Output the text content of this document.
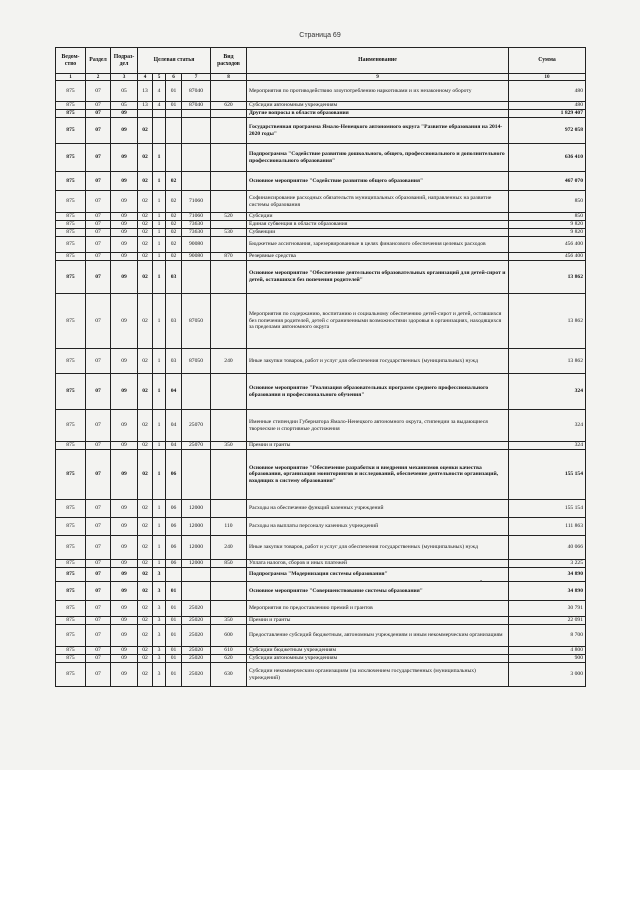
Страница 69
Ведом-ство	Раздел	Подраз-дел	Целевая статья				Вид расходов	Наименование	Сумма
1	2	3	4	5	6	7	8	9	10
875	07	05	13	4	01	87040		Мероприятия по противодействию злоупотреблению наркотиками и их незаконному обороту	480
875	07	05	13	4	01	87040	620	Субсидии автономным учреждениям	480
875	07	09						Другие вопросы в области образования	1 829 407
875	07	09	02					Государственная программа Ямало-Ненецкого автономного округа "Развитие образования на 2014-2020 годы"	972 058
875	07	09	02	1				Подпрограмма "Содействие развитию дошкольного, общего, профессионального и дополнительного профессионального образования"	636 410
875	07	09	02	1	02			Основное мероприятие "Содействие развитию общего образования"	467 070
875	07	09	02	1	02	71060		Софинансирование расходных обязательств муниципальных образований, направленных на развитие системы образования	850
875	07	09	02	1	02	71060	520	Субсидии	850
875	07	09	02	1	02	73630		Единая субвенция в области образования	9 820
875	07	09	02	1	02	73630	530	Субвенции	9 820
875	07	09	02	1	02	90080		Бюджетные ассигнования, зарезервированные в целях финансового обеспечения целевых расходов	456 400
875	07	09	02	1	02	90080	870	Резервные средства	456 400
875	07	09	02	1	03			Основное мероприятие "Обеспечение деятельности образовательных организаций для детей-сирот и детей, оставшихся без попечения родителей"	13 862
875	07	09	02	1	03	87050		Мероприятия по содержанию, воспитанию и социальному обеспечению детей-сирот и детей, оставшихся без попечения родителей, детей с ограниченными возможностями здоровья в организациях, находящихся за пределами автономного округа	13 862
875	07	09	02	1	03	87050	240	Иные закупки товаров, работ и услуг для обеспечения государственных (муниципальных) нужд	13 862
875	07	09	02	1	04			Основное мероприятие "Реализация образовательных программ среднего профессионального образования и профессионального обучения"	324
875	07	09	02	1	04	25070		Именные стипендии Губернатора Ямало-Ненецкого автономного округа, стипендии за выдающиеся творческие и спортивные достижения	324
875	07	09	02	1	04	25070	350	Премии и гранты	324
875	07	09	02	1	06			Основное мероприятие "Обеспечение разработки и внедрения механизмов оценки качества образования, организация мониторингов и исследований, обеспечение деятельности организаций, входящих в систему образования"	155 154
875	07	09	02	1	06	12000		Расходы на обеспечение функций казенных учреждений	155 154
875	07	09	02	1	06	12000	110	Расходы на выплаты персоналу казенных учреждений	111 863
875	07	09	02	1	06	12000	240	Иные закупки товаров, работ и услуг для обеспечения государственных (муниципальных) нужд	40 066
875	07	09	02	1	06	12000	850	Уплата налогов, сборов и иных платежей	3 225
875	07	09	02	3				Подпрограмма "Модернизация системы образования"	34 890
875	07	09	02	3	01			Основное мероприятие "Совершенствование системы образования"	34 890
875	07	09	02	3	01	25020		Мероприятия по предоставлению премий и грантов	30 791
875	07	09	02	3	01	25020	350	Премии и гранты	22 091
875	07	09	02	3	01	25020	600	Предоставление субсидий бюджетным, автономным учреждениям и иным некоммерческим организациям	8 700
875	07	09	02	3	01	25020	610	Субсидии бюджетным учреждениям	4 800
875	07	09	02	3	01	25020	620	Субсидии автономным учреждениям	900
875	07	09	02	3	01	25020	630	Субсидии некоммерческим организациям (за исключением государственных (муниципальных) учреждений)	3 000
•
